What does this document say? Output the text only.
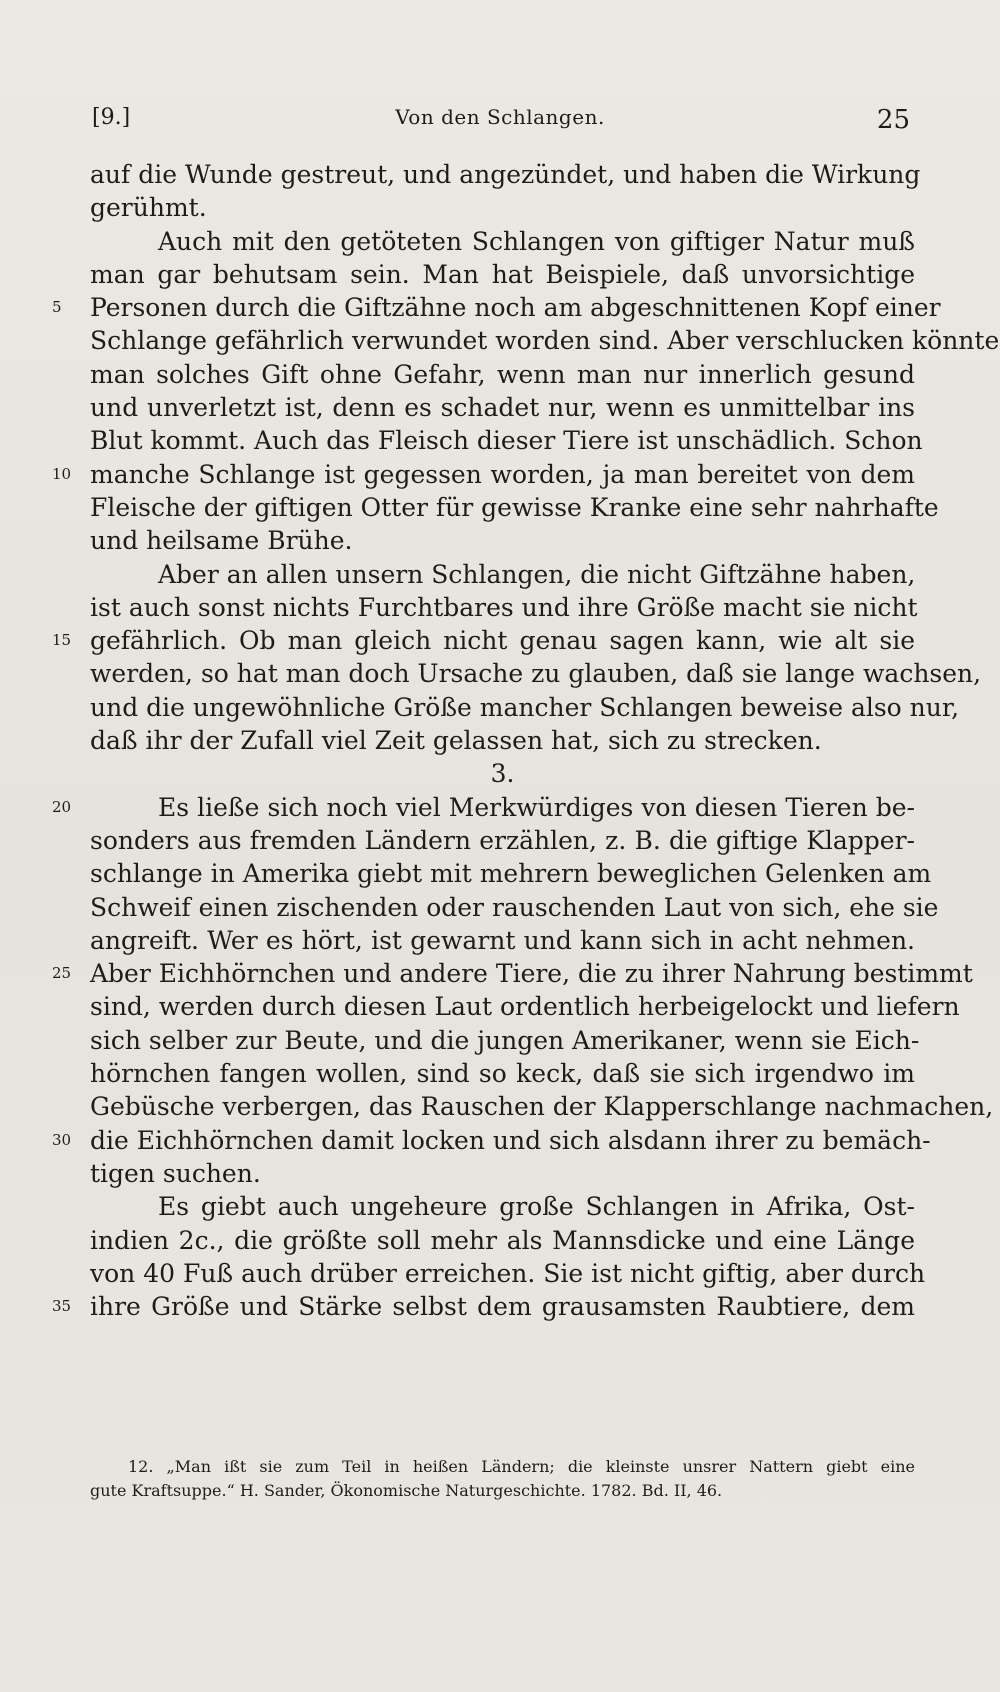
[9.]	Von den Schlangen.	25
auf die Wunde gestreut, und angezündet, und haben die Wirkung
gerühmt.
Auch mit den getöteten Schlangen von giftiger Natur muß
man gar behutsam sein. Man hat Beispiele, daß unvorsichtige
5	Personen durch die Giftzähne noch am abgeschnittenen Kopf einer
Schlange gefährlich verwundet worden sind. Aber verschlucken könnte
man solches Gift ohne Gefahr, wenn man nur innerlich gesund
und unverletzt ist, denn es schadet nur, wenn es unmittelbar ins
Blut kommt. Auch das Fleisch dieser Tiere ist unschädlich. Schon
10 manche Schlange ist gegessen worden, ja man bereitet von dem
Fleische der giftigen Otter für gewisse Kranke eine sehr nahrhafte
und heilsame Brühe.
Aber an allen unsern Schlangen, die nicht Giftzähne haben,
ist auch sonst nichts Furchtbares und ihre Größe macht sie nicht
15 gefährlich. Ob man gleich nicht genau sagen kann, wie alt sie
werden, so hat man doch Ursache zu glauben, daß sie lange wachsen,
und die ungewöhnliche Größe mancher Schlangen beweise also nur,
daß ihr der Zufall viel Zeit gelassen hat, sich zu strecken.
3.
20	Es ließe sich noch viel Merkwürdiges von diesen Tieren be-
sonders aus fremden Ländern erzählen, z. B. die giftige Klapper-
schlange in Amerika giebt mit mehrern beweglichen Gelenken am
Schweif einen zischenden oder rauschenden Laut von sich, ehe sie
angreift. Wer es hört, ist gewarnt und kann sich in acht nehmen.
25 Aber Eichhörnchen und andere Tiere, die zu ihrer Nahrung bestimmt
sind, werden durch diesen Laut ordentlich herbeigelockt und liefern
sich selber zur Beute, und die jungen Amerikaner, wenn sie Eich-
hörnchen fangen wollen, sind so keck, daß sie sich irgendwo im
Gebüsche verbergen, das Rauschen der Klapperschlange nachmachen,
30 die Eichhörnchen damit locken und sich alsdann ihrer zu bemäch-
tigen suchen.
Es giebt auch ungeheure große Schlangen in Afrika, Ost-
indien 2c., die größte soll mehr als Mannsdicke und eine Länge
von 40 Fuß auch drüber erreichen. Sie ist nicht giftig, aber durch
35 ihre Größe und Stärke selbst dem grausamsten Raubtiere, dem
12. „Man ißt sie zum Teil in heißen Ländern; die kleinste unsrer Nattern giebt eine
gute Kraftsuppe.“ H. Sander, Ökonomische Naturgeschichte. 1782. Bd. II, 46.
